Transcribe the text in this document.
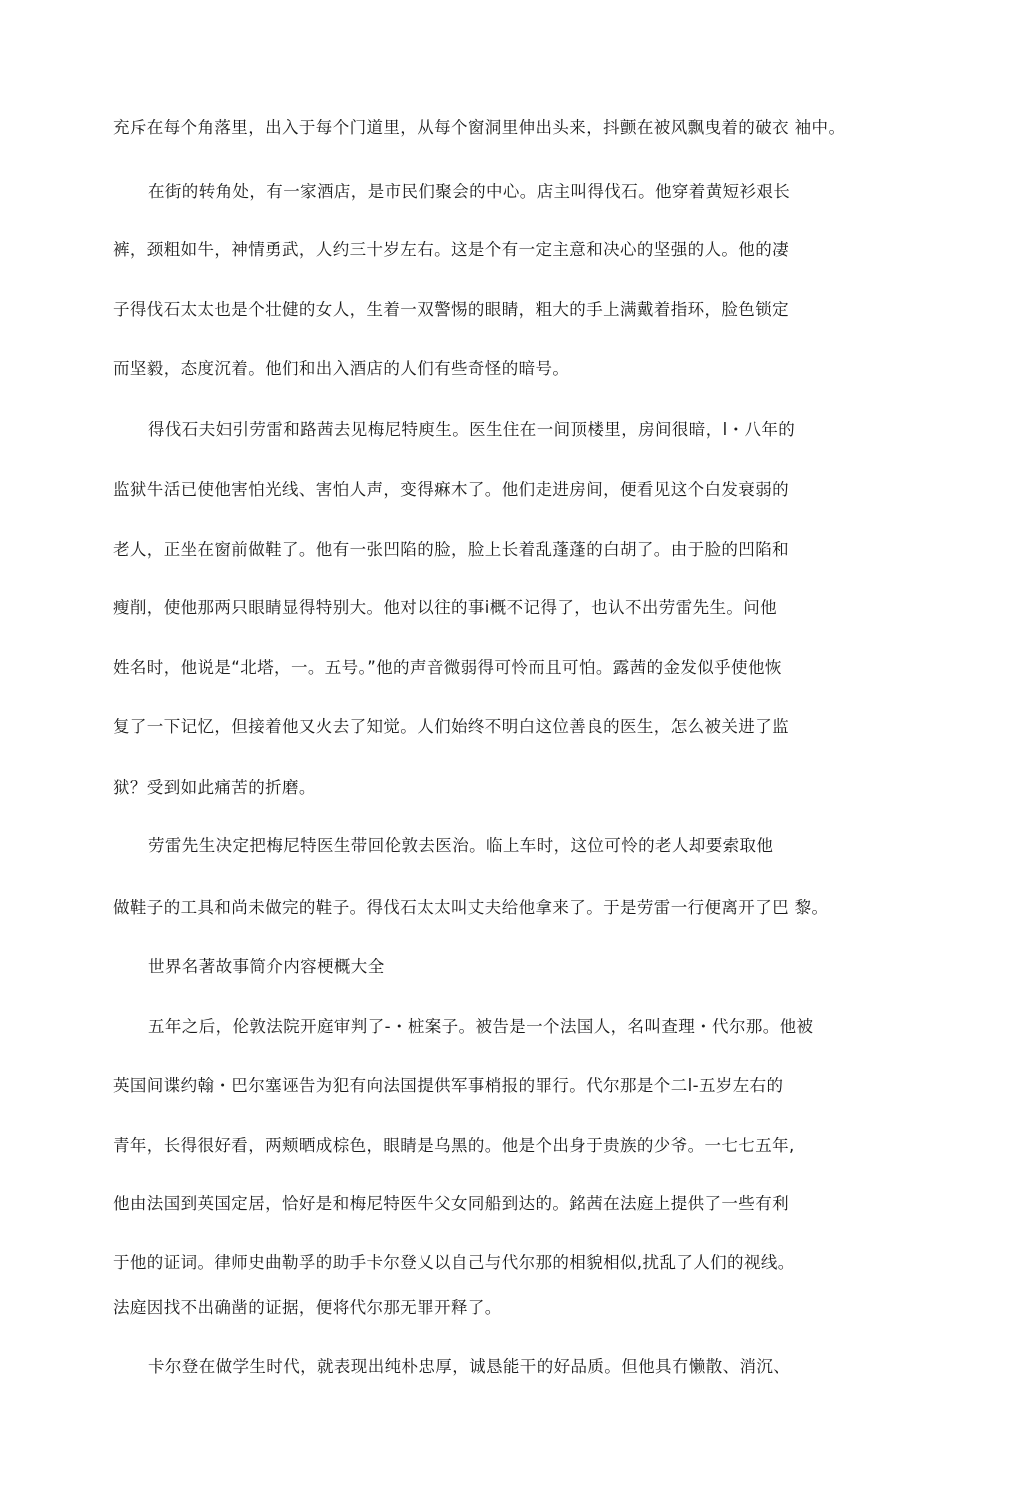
充斥在每个角落里，出入于每个门道里，从每个窗洞里伸出头来，抖颤在被风飘曳着的破衣 袖中。
在街的转角处，有一家酒店，是市民们聚会的中心。店主叫得伐石。他穿着黄短衫艰长
裤，颈粗如牛，神情勇武，人约三十岁左右。这是个有一定主意和决心的坚强的人。他的凄
子得伐石太太也是个壮健的女人，生着一双警惕的眼睛，粗大的手上满戴着指环，脸色锁定
而坚毅，态度沉着。他们和出入酒店的人们有些奇怪的暗号。
得伐石夫妇引劳雷和路茜去见梅尼特庾生。医生住在一间顶楼里，房间很暗，l・八年的
监狱牛活已使他害怕光线、害怕人声，变得痳木了。他们走进房间，便看见这个白发衰弱的
老人，正坐在窗前做鞋了。他有一张凹陷的脸，脸上长着乱蓬蓬的白胡了。由于脸的凹陷和
瘦削，使他那两只眼睛显得特别大。他对以往的事i概不记得了，也认不出劳雷先生。问他
姓名时，他说是“北塔，一。五号。”他的声音微弱得可怜而且可怕。露茜的金发似乎使他恢
复了一下记忆，但接着他又火去了知觉。人们始终不明白这位善良的医生，怎么被关进了监
狱？受到如此痛苦的折磨。
劳雷先生决定把梅尼特医生带回伦敦去医治。临上车时，这位可怜的老人却要索取他
做鞋子的工具和尚未做完的鞋子。得伐石太太叫丈夫给他拿来了。于是劳雷一行便离开了巴 黎。
世界名著故事简介内容梗概大全
五年之后，伦敦法院开庭审判了-・桩案子。被告是一个法国人，名叫查理・代尔那。他被
英国间谍约翰・巴尔塞诬告为犯有向法国提供军事梢报的罪行。代尔那是个二l-五岁左右的
青年，长得很好看，两颊晒成棕色，眼睛是乌黑的。他是个出身于贵族的少爷。一七七五年,
他由法国到英国定居，恰好是和梅尼特医牛父女同船到达的。銘茜在法庭上提供了一些有利
于他的证词。律师史曲勒孚的助手卡尔登乂以自己与代尔那的相貌相似,扰乱了人们的视线。
法庭因找不出确凿的证据，便将代尔那无罪开释了。
卡尔登在做学生时代，就表现出纯朴忠厚，诚恳能干的好品质。但他具冇懒散、消沉、
